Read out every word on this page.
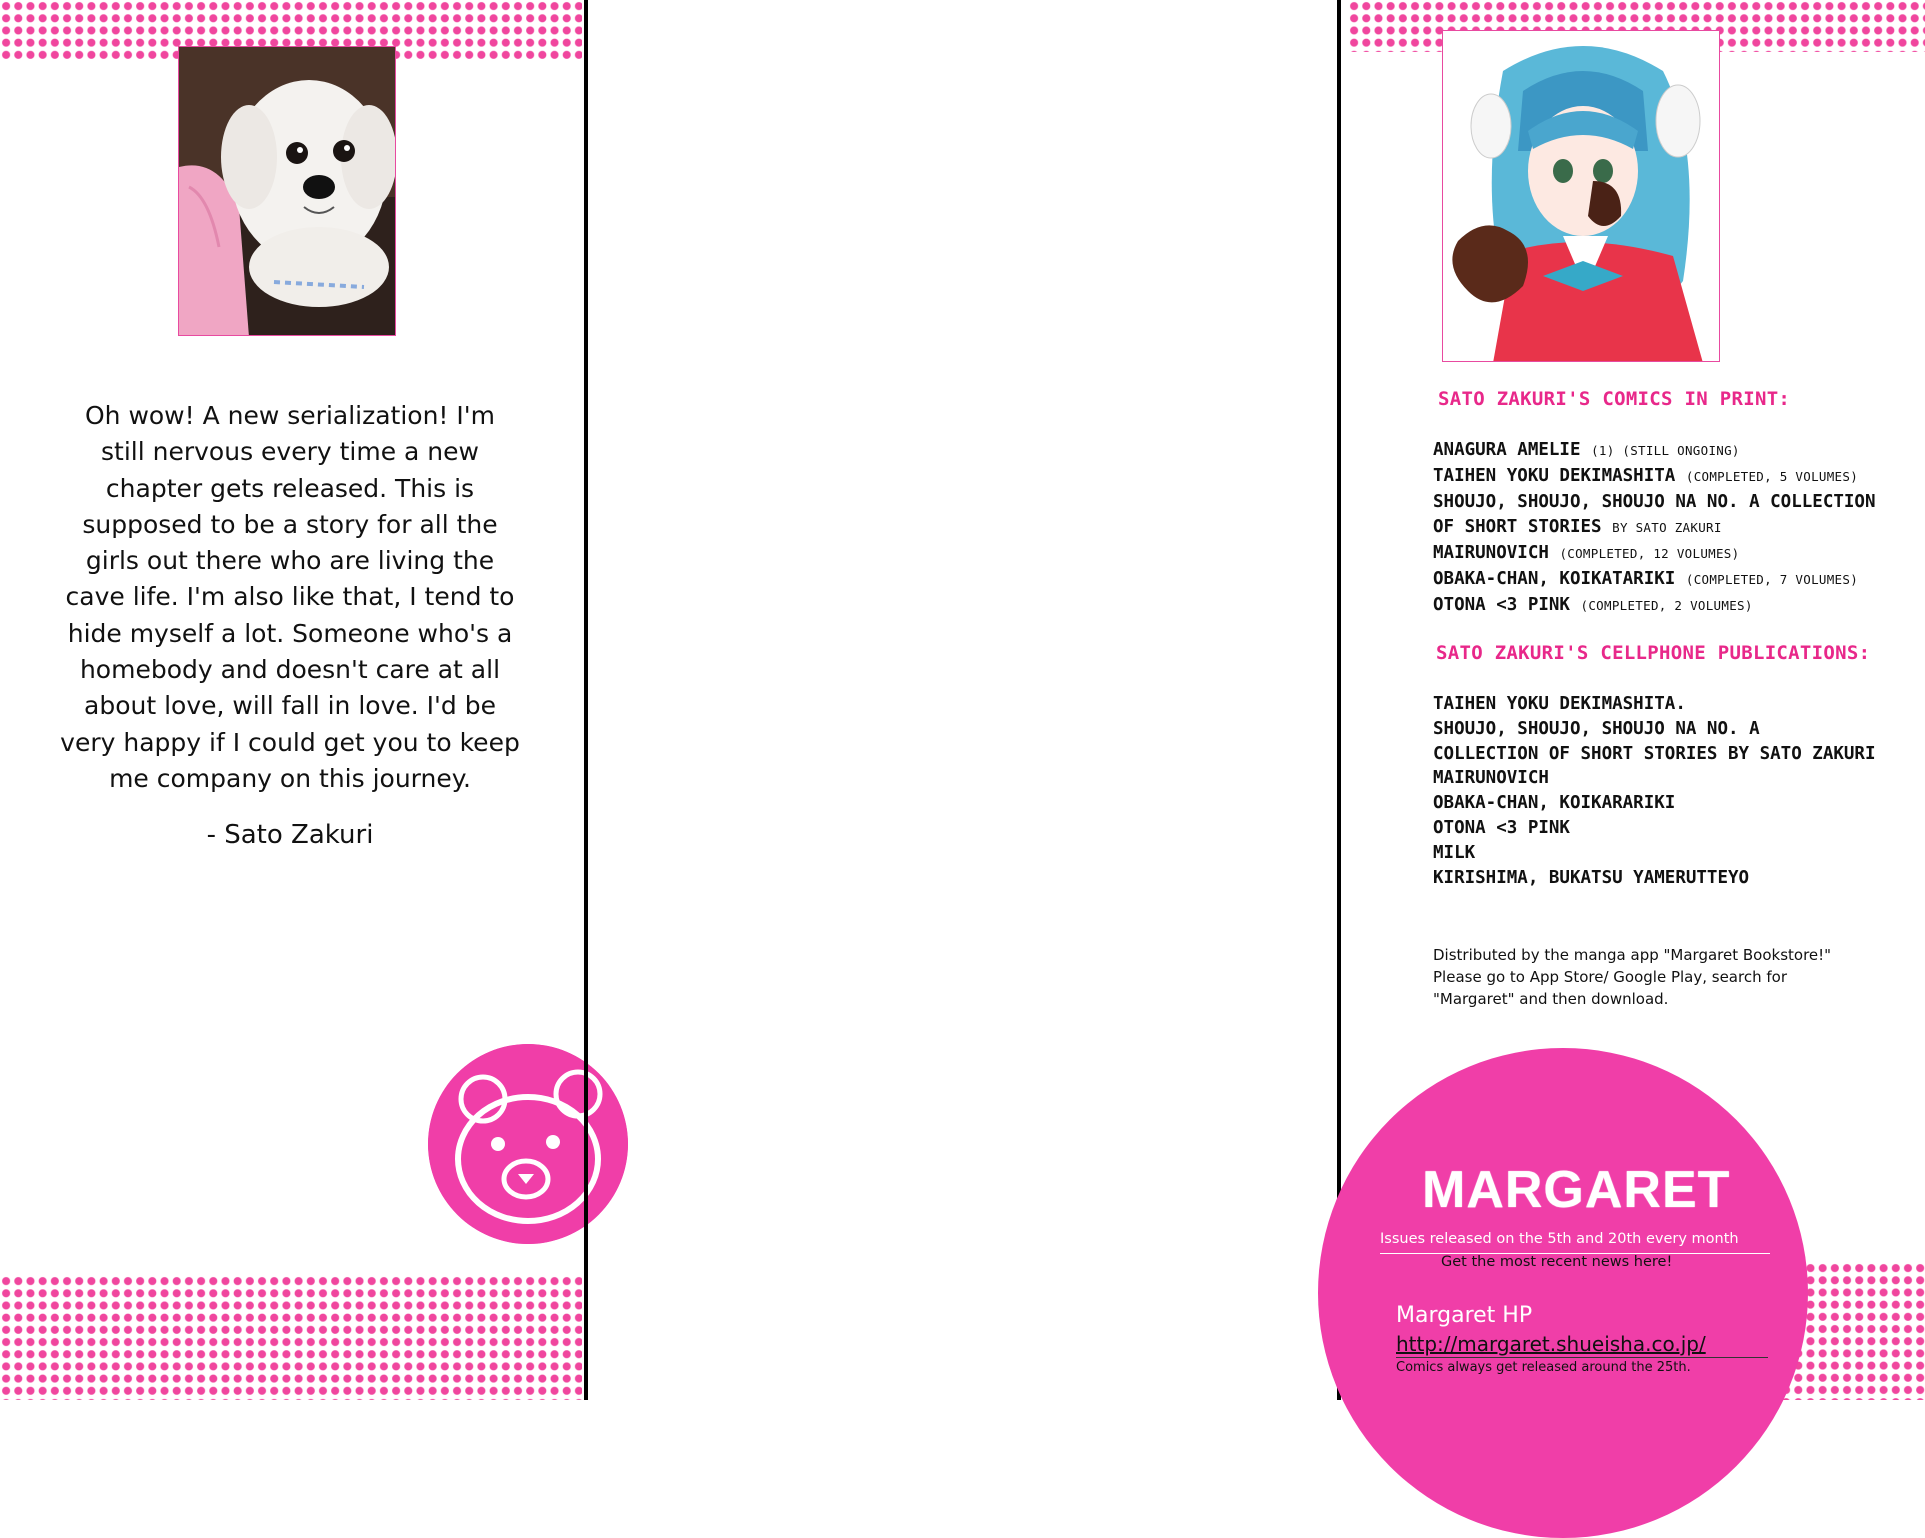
Oh wow! A new serialization! I'm still nervous every time a new chapter gets released. This is supposed to be a story for all the girls out there who are living the cave life. I'm also like that, I tend to hide myself a lot. Someone who's a homebody and doesn't care at all about love, will fall in love. I'd be very happy if I could get you to keep me company on this journey.
- Sato Zakuri
SATO ZAKURI'S COMICS IN PRINT:
ANAGURA AMELIE (1) (STILL ONGOING)
TAIHEN YOKU DEKIMASHITA (COMPLETED, 5 VOLUMES)
SHOUJO, SHOUJO, SHOUJO NA NO. A COLLECTION
OF SHORT STORIES BY SATO ZAKURI
MAIRUNOVICH (COMPLETED, 12 VOLUMES)
OBAKA-CHAN, KOIKATARIKI (COMPLETED, 7 VOLUMES)
OTONA <3 PINK (COMPLETED, 2 VOLUMES)
SATO ZAKURI'S CELLPHONE PUBLICATIONS:
TAIHEN YOKU DEKIMASHITA.
SHOUJO, SHOUJO, SHOUJO NA NO. A
COLLECTION OF SHORT STORIES BY SATO ZAKURI
MAIRUNOVICH
OBAKA-CHAN, KOIKARARIKI
OTONA <3 PINK
MILK
KIRISHIMA, BUKATSU YAMERUTTEYO
Distributed by the manga app "Margaret Bookstore!" Please go to App Store/ Google Play, search for "Margaret" and then download.
MARGARET
Issues released on the 5th and 20th every month
Get the most recent news here!
Margaret HP
http://margaret.shueisha.co.jp/
Comics always get released around the 25th.
